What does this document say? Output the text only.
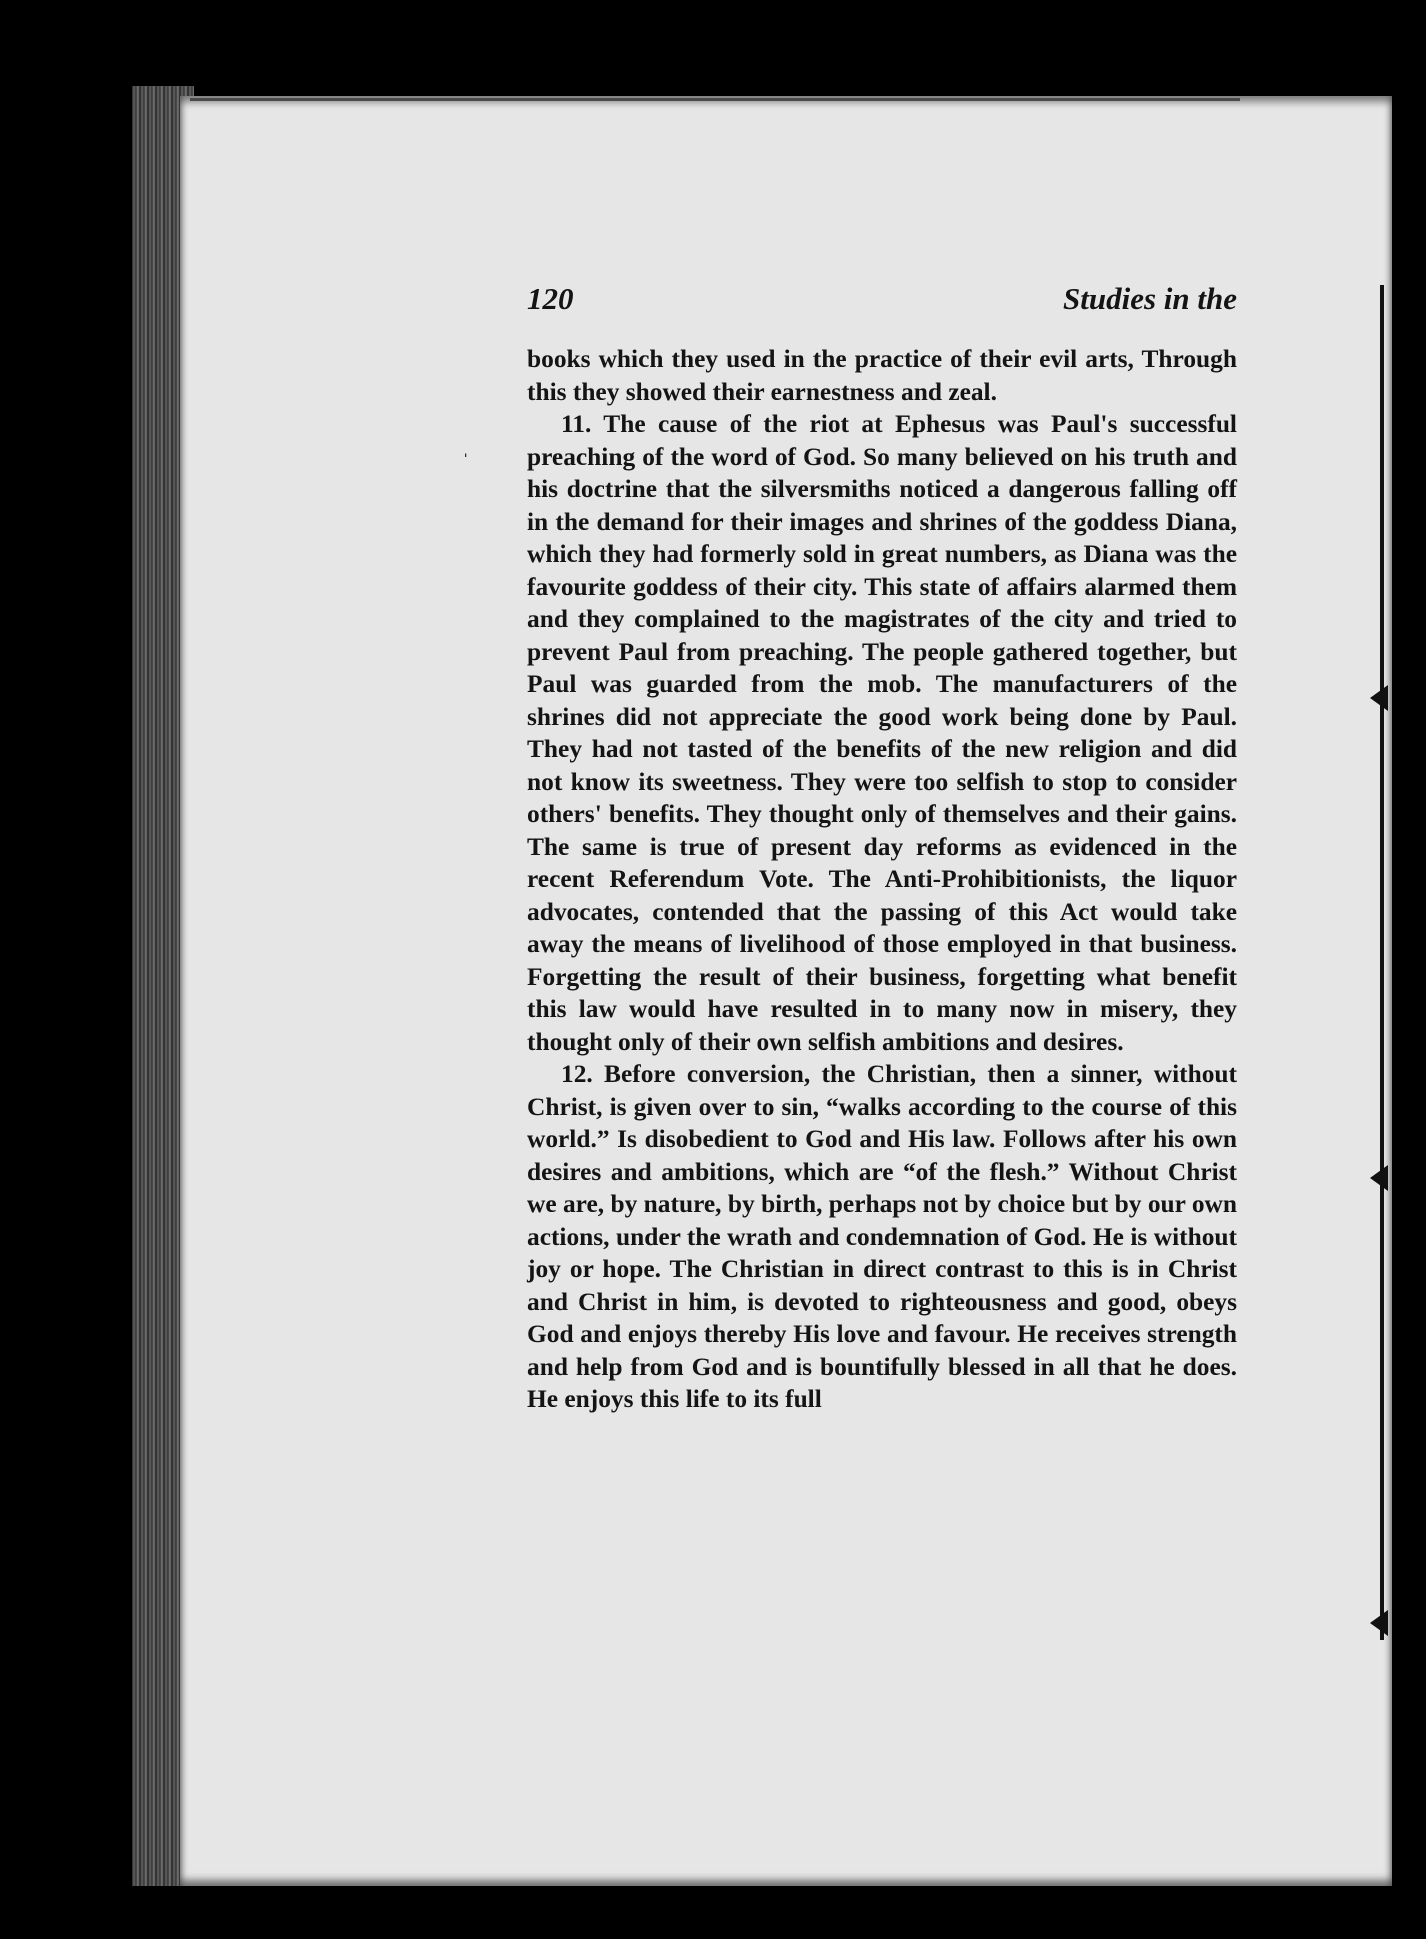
ˌ
120	Studies in the

books which they used in the practice of their evil arts, Through this they showed their earnestness and zeal.

11. The cause of the riot at Ephesus was Paul's successful preaching of the word of God. So many believed on his truth and his doctrine that the silversmiths noticed a dangerous falling off in the demand for their images and shrines of the goddess Diana, which they had formerly sold in great numbers, as Diana was the favourite goddess of their city. This state of affairs alarmed them and they complained to the magistrates of the city and tried to prevent Paul from preaching. The people gathered together, but Paul was guarded from the mob. The manufacturers of the shrines did not appreciate the good work being done by Paul. They had not tasted of the benefits of the new religion and did not know its sweetness. They were too selfish to stop to consider others' benefits. They thought only of themselves and their gains. The same is true of present day reforms as evidenced in the recent Referendum Vote. The Anti-Prohibitionists, the liquor advocates, contended that the passing of this Act would take away the means of livelihood of those employed in that business. Forgetting the result of their business, forgetting what benefit this law would have resulted in to many now in misery, they thought only of their own selfish ambitions and desires.

12. Before conversion, the Christian, then a sinner, without Christ, is given over to sin, “walks according to the course of this world.” Is disobedient to God and His law. Follows after his own desires and ambitions, which are “of the flesh.” Without Christ we are, by nature, by birth, perhaps not by choice but by our own actions, under the wrath and condemnation of God. He is without joy or hope. The Christian in direct contrast to this is in Christ and Christ in him, is devoted to righteousness and good, obeys God and enjoys thereby His love and favour. He receives strength and help from God and is bountifully blessed in all that he does. He enjoys this life to its full
